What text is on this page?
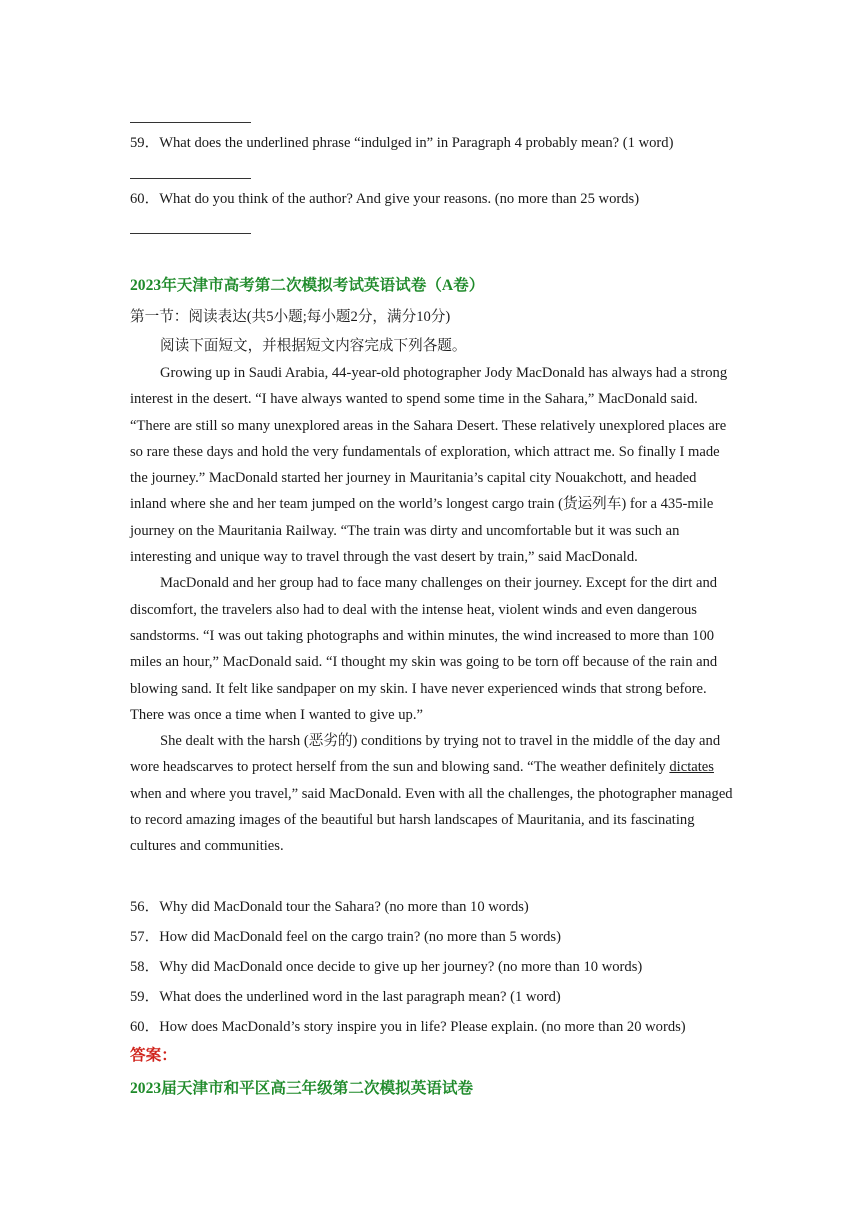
59．What does the underlined phrase “indulged in” in Paragraph 4 probably mean? (1 word)
60．What do you think of the author? And give your reasons. (no more than 25 words)
2023年天津市高考第二次模拟考试英语试卷（A卷）
第一节：阅读表达(共5小题;每小题2分，满分10分)
阅读下面短文，并根据短文内容完成下列各题。

Growing up in Saudi Arabia, 44-year-old photographer Jody MacDonald has always had a strong interest in the desert. “I have always wanted to spend some time in the Sahara,” MacDonald said. “There are still so many unexplored areas in the Sahara Desert. These relatively unexplored places are so rare these days and hold the very fundamentals of exploration, which attract me. So finally I made the journey.” MacDonald started her journey in Mauritania’s capital city Nouakchott, and headed inland where she and her team jumped on the world’s longest cargo train (货运列车) for a 435-mile journey on the Mauritania Railway. “The train was dirty and uncomfortable but it was such an interesting and unique way to travel through the vast desert by train,” said MacDonald.

MacDonald and her group had to face many challenges on their journey. Except for the dirt and discomfort, the travelers also had to deal with the intense heat, violent winds and even dangerous sandstorms. “I was out taking photographs and within minutes, the wind increased to more than 100 miles an hour,” MacDonald said. “I thought my skin was going to be torn off because of the rain and blowing sand. It felt like sandpaper on my skin. I have never experienced winds that strong before. There was once a time when I wanted to give up.”

She dealt with the harsh (恶劣的) conditions by trying not to travel in the middle of the day and wore headscarves to protect herself from the sun and blowing sand. “The weather definitely dictates when and where you travel,” said MacDonald. Even with all the challenges, the photographer managed to record amazing images of the beautiful but harsh landscapes of Mauritania, and its fascinating cultures and communities.

56．Why did MacDonald tour the Sahara? (no more than 10 words)
57．How did MacDonald feel on the cargo train? (no more than 5 words)
58．Why did MacDonald once decide to give up her journey? (no more than 10 words)
59．What does the underlined word in the last paragraph mean? (1 word)
60．How does MacDonald’s story inspire you in life? Please explain. (no more than 20 words)
答案：
2023届天津市和平区高三年级第二次模拟英语试卷
